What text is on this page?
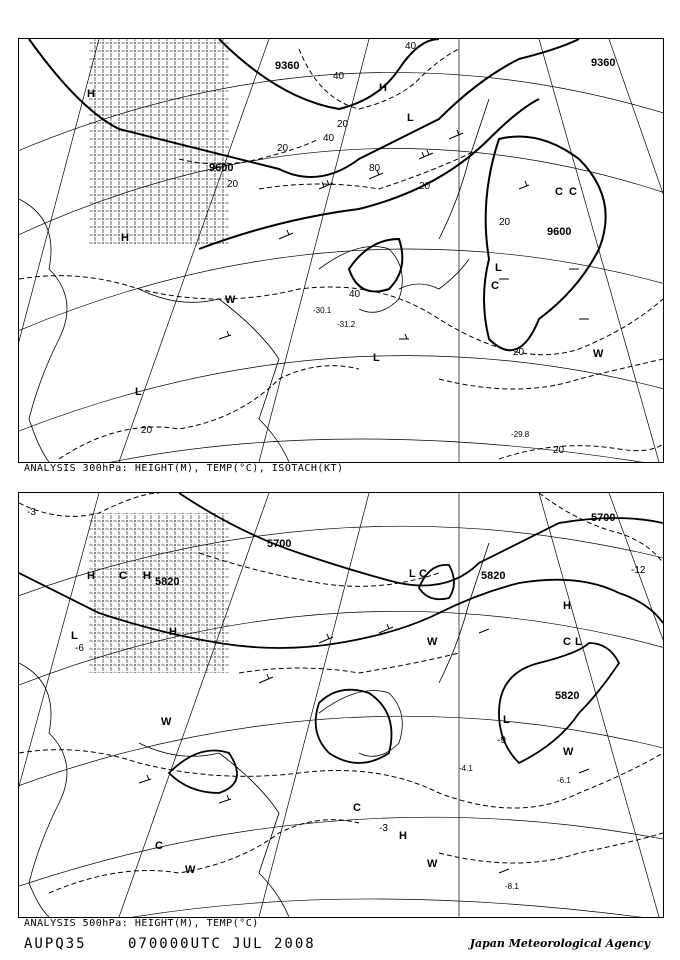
9360	9360
9600
9600
40
40
20
40
20
80
20	20
20
40
20
20
20
-29.8
-30.1
-31.2
H	H
L
C C
L
L
C
H
W
L
W
ANALYSIS 300hPa: HEIGHT(M), TEMP(°C), ISOTACH(KT)
5700
5700
5820	5820
5820
-3
-12
-3
-9
-6
-8.1
-6.1
-4.1
H C H
H
L
L C
H
C L
L
C
H
W
W	W
W
C
W
ANALYSIS 500hPa: HEIGHT(M), TEMP(°C)
AUPQ35	070000UTC JUL 2008	Japan Meteorological Agency
